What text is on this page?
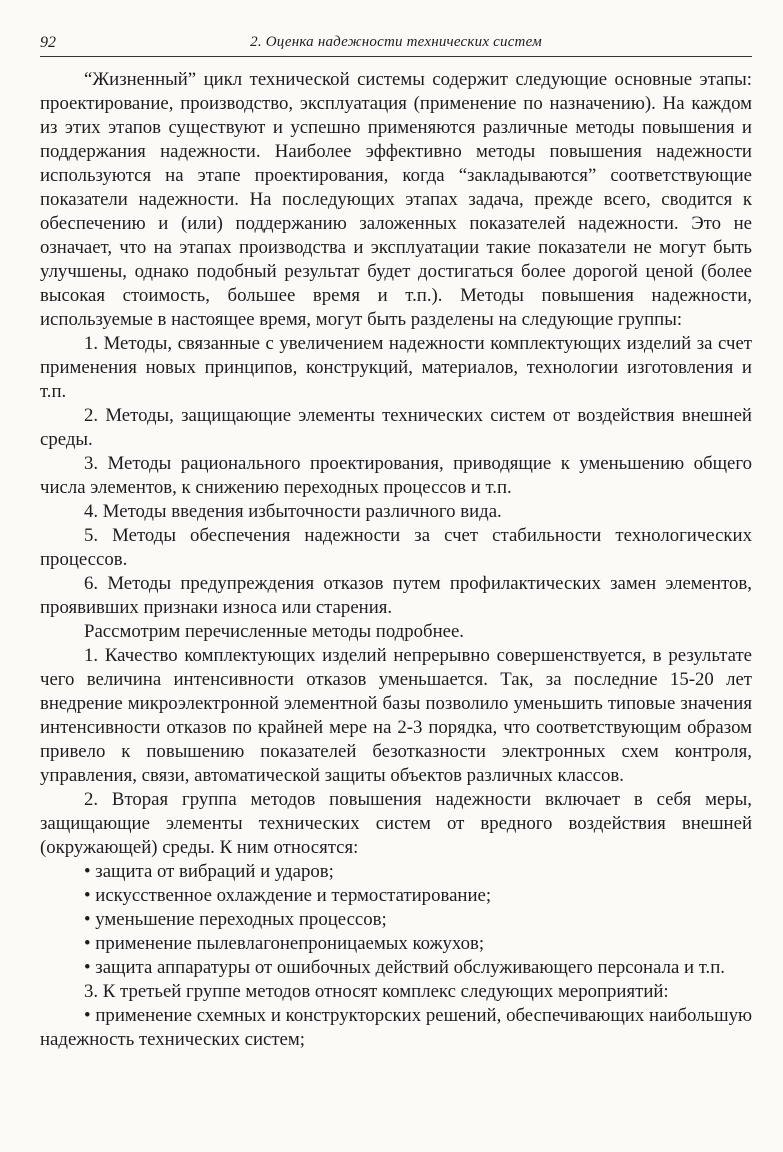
92	2. Оценка надежности технических систем

“Жизненный” цикл технической системы содержит следующие основные этапы: проектирование, производство, эксплуатация (применение по назначению). На каждом из этих этапов существуют и успешно применяются различные методы повышения и поддержания надежности. Наиболее эффективно методы повышения надежности используются на этапе проектирования, когда “закладываются” соответствующие показатели надежности. На последующих этапах задача, прежде всего, сводится к обеспечению и (или) поддержанию заложенных показателей надежности. Это не означает, что на этапах производства и эксплуатации такие показатели не могут быть улучшены, однако подобный результат будет достигаться более дорогой ценой (более высокая стоимость, большее время и т.п.). Методы повышения надежности, используемые в настоящее время, могут быть разделены на следующие группы:

1. Методы, связанные с увеличением надежности комплектующих изделий за счет применения новых принципов, конструкций, материалов, технологии изготовления и т.п.

2. Методы, защищающие элементы технических систем от воздействия внешней среды.

3. Методы рационального проектирования, приводящие к уменьшению общего числа элементов, к снижению переходных процессов и т.п.

4. Методы введения избыточности различного вида.

5. Методы обеспечения надежности за счет стабильности технологических процессов.

6. Методы предупреждения отказов путем профилактических замен элементов, проявивших признаки износа или старения.

Рассмотрим перечисленные методы подробнее.

1. Качество комплектующих изделий непрерывно совершенствуется, в результате чего величина интенсивности отказов уменьшается. Так, за последние 15-20 лет внедрение микроэлектронной элементной базы позволило уменьшить типовые значения интенсивности отказов по крайней мере на 2-3 порядка, что соответствующим образом привело к повышению показателей безотказности электронных схем контроля, управления, связи, автоматической защиты объектов различных классов.

2. Вторая группа методов повышения надежности включает в себя меры, защищающие элементы технических систем от вредного воздействия внешней (окружающей) среды. К ним относятся:

• защита от вибраций и ударов;

• искусственное охлаждение и термостатирование;

• уменьшение переходных процессов;

• применение пылевлагонепроницаемых кожухов;

• защита аппаратуры от ошибочных действий обслуживающего персонала и т.п.

3. К третьей группе методов относят комплекс следующих мероприятий:

• применение схемных и конструкторских решений, обеспечивающих наибольшую надежность технических систем;
